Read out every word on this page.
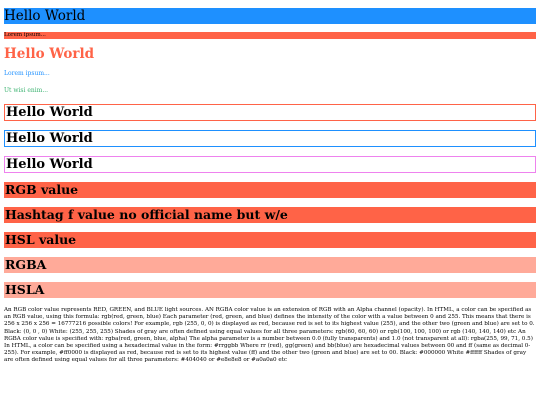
Hello World
Lorem ipsum...
Hello World

Lorem ipsum...

Ut wisi enim...

Hello World
Hello World
Hello World
RGB value
Hashtag f value no official name but w/e
HSL value
RGBA
HSLA

An RGB color value represents RED, GREEN, and BLUE light sources. AN RGBA color value is an extension of RGB with an Alpha channel (opacity). In HTML, a color can be specified as an RGB value, using this formula: rgb(red, green, blue) Each parameter (red, green, and blue) defines the intensity of the color with a value between 0 and 255. This means that there is 256 x 256 x 256 = 16777216 possible colors! For example, rgb (255, 0, 0) is displayed as red, because red is set to its highest value (255), and the other two (green and blue) are set to 0. Black: (0, 0 , 0) White: (255, 255, 255) Shades of gray are often defined using equal values for all three parameters: rgb(60, 60, 60) or rgb(100, 100, 100) or rgb (140, 140, 140) etc An RGBA color value is specified with: rgba(red, green, blue, alpha) The alpha parameter is a number between 0.0 (fully transparents) and 1.0 (not transparent at all): rgba(255, 99, 71, 0.5) In HTML, a color can be specified using a hexadecimal value in the form: #rrggbb Where rr (red), gg(green) and bb(blue) are hexadecimal values between 00 and ff (same as decimal 0-255). For example, #ff0000 is displayed as red, because red is set to its highest value (ff) and the other two (green and blue) are set to 00. Black: #000000 White #ffffff Shades of gray are often defined using equal values for all three parameters: #404040 or #e8e8e8 or #a0a0a0 etc
